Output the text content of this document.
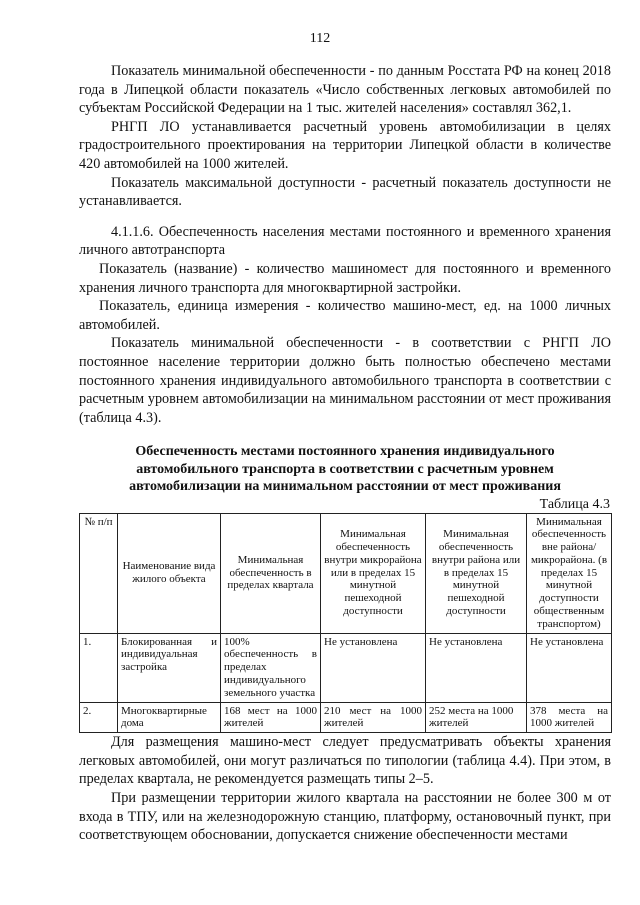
112

Показатель минимальной обеспеченности - по данным Росстата РФ на конец 2018 года в Липецкой области показатель «Число собственных легковых автомобилей по субъектам Российской Федерации на 1 тыс. жителей населения» составлял 362,1.

РНГП ЛО устанавливается расчетный уровень автомобилизации в целях градостроительного проектирования на территории Липецкой области в количестве 420 автомобилей на 1000 жителей.

Показатель максимальной доступности - расчетный показатель доступности не устанавливается.

4.1.1.6. Обеспеченность населения местами постоянного и временного хранения личного автотранспорта

Показатель (название) - количество машиномест для постоянного и временного хранения личного транспорта для многоквартирной застройки.

Показатель, единица измерения - количество машино-мест, ед. на 1000 личных автомобилей.

Показатель минимальной обеспеченности - в соответствии с РНГП ЛО постоянное население территории должно быть полностью обеспечено местами постоянного хранения индивидуального автомобильного транспорта в соответствии с расчетным уровнем автомобилизации на минимальном расстоянии от мест проживания (таблица 4.3).

Обеспеченность местами постоянного хранения индивидуального автомобильного транспорта в соответствии с расчетным уровнем автомобилизации на минимальном расстоянии от мест проживания
Таблица 4.3
№ п/п	Наименование вида жилого объекта	Минимальная обеспеченность в пределах квартала	Минимальная обеспеченность внутри микрорайона или в пределах 15 минутной пешеходной доступности	Минимальная обеспеченность внутри района или в пределах 15 минутной пешеходной доступности	Минимальная обеспеченность вне района/ микрорайона. (в пределах 15 минутной доступности общественным транспортом)
1.	Блокированная и индивидуальная застройка	100% обеспеченность в пределах индивидуального земельного участка	Не установлена	Не установлена	Не установлена
2.	Многоквартирные дома	168 мест на 1000 жителей	210 мест на 1000 жителей	252 места на 1000 жителей	378 места на 1000 жителей

Для размещения машино-мест следует предусматривать объекты хранения легковых автомобилей, они могут различаться по типологии (таблица 4.4). При этом, в пределах квартала, не рекомендуется размещать типы 2–5.

При размещении территории жилого квартала на расстоянии не более 300 м от входа в ТПУ, или на железнодорожную станцию, платформу, остановочный пункт, при соответствующем обосновании, допускается снижение обеспеченности местами
